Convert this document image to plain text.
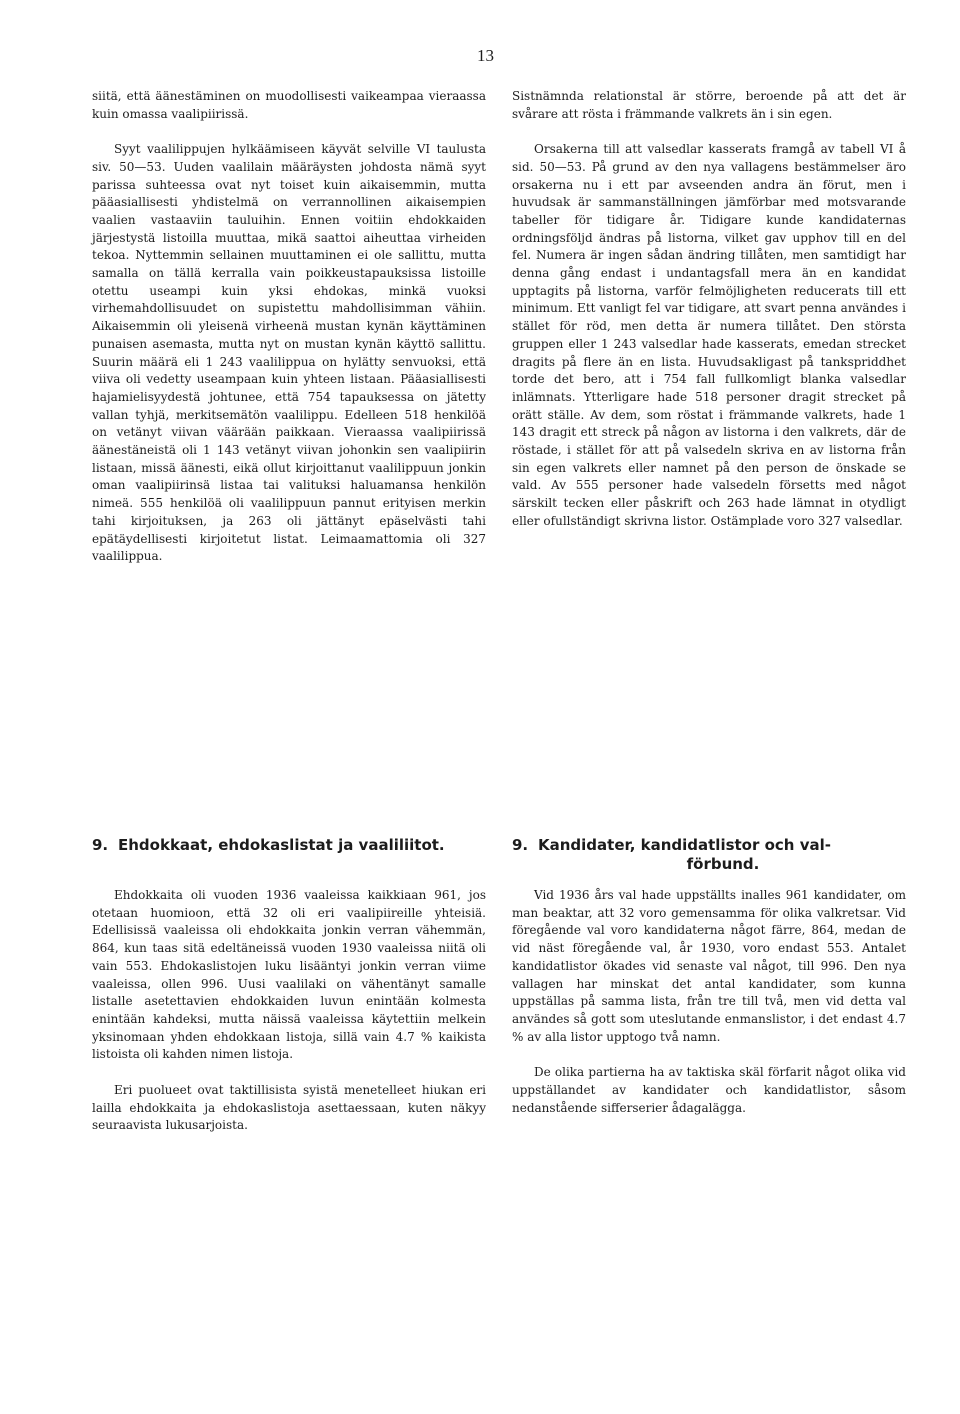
13

siitä, että äänestäminen on muodollisesti vaikeampaa vieraassa kuin omassa vaalipiirissä.

Syyt vaalilippujen hylkäämiseen käyvät selville VI taulusta siv. 50—53. Uuden vaalilain määräysten johdosta nämä syyt parissa suhteessa ovat nyt toiset kuin aikaisemmin, mutta pääasiallisesti yhdistelmä on verrannollinen aikaisempien vaalien vastaaviin tauluihin. Ennen voitiin ehdokkaiden järjestystä listoilla muuttaa, mikä saattoi aiheuttaa virheiden tekoa. Nyttemmin sellainen muuttaminen ei ole sallittu, mutta samalla on tällä kerralla vain poikkeustapauksissa listoille otettu useampi kuin yksi ehdokas, minkä vuoksi virhemahdollisuudet on supistettu mahdollisimman vähiin. Aikaisemmin oli yleisenä virheenä mustan kynän käyttäminen punaisen asemasta, mutta nyt on mustan kynän käyttö sallittu. Suurin määrä eli 1 243 vaalilippua on hylätty senvuoksi, että viiva oli vedetty useampaan kuin yhteen listaan. Pääasiallisesti hajamielisyydestä johtunee, että 754 tapauksessa on jätetty vallan tyhjä, merkitsemätön vaalilippu. Edelleen 518 henkilöä on vetänyt viivan väärään paikkaan. Vieraassa vaalipiirissä äänestäneistä oli 1 143 vetänyt viivan johonkin sen vaalipiirin listaan, missä äänesti, eikä ollut kirjoittanut vaalilippuun jonkin oman vaalipiirinsä listaa tai valituksi haluamansa henkilön nimeä. 555 henkilöä oli vaalilippuun pannut erityisen merkin tahi kirjoituksen, ja 263 oli jättänyt epäselvästi tahi epätäydellisesti kirjoitetut listat. Leimaamattomia oli 327 vaalilippua.

Sistnämnda relationstal är större, beroende på att det är svårare att rösta i främmande valkrets än i sin egen.

Orsakerna till att valsedlar kasserats framgå av tabell VI å sid. 50—53. På grund av den nya vallagens bestämmelser äro orsakerna nu i ett par avseenden andra än förut, men i huvudsak är sammanställningen jämförbar med motsvarande tabeller för tidigare år. Tidigare kunde kandidaternas ordningsföljd ändras på listorna, vilket gav upphov till en del fel. Numera är ingen sådan ändring tillåten, men samtidigt har denna gång endast i undantagsfall mera än en kandidat upptagits på listorna, varför felmöjligheten reducerats till ett minimum. Ett vanligt fel var tidigare, att svart penna användes i stället för röd, men detta är numera tillåtet. Den största gruppen eller 1 243 valsedlar hade kasserats, emedan strecket dragits på flere än en lista. Huvudsakligast på tankspriddhet torde det bero, att i 754 fall fullkomligt blanka valsedlar inlämnats. Ytterligare hade 518 personer dragit strecket på orätt ställe. Av dem, som röstat i främmande valkrets, hade 1 143 dragit ett streck på någon av listorna i den valkrets, där de röstade, i stället för att på valsedeln skriva en av listorna från sin egen valkrets eller namnet på den person de önskade se vald. Av 555 personer hade valsedeln försetts med något särskilt tecken eller påskrift och 263 hade lämnat in otydligt eller ofullständigt skrivna listor. Ostämplade voro 327 valsedlar.

9. Ehdokkaat, ehdokaslistat ja vaaliliitot.	9. Kandidater, kandidatlistor och val-
förbund.

Ehdokkaita oli vuoden 1936 vaaleissa kaikkiaan 961, jos otetaan huomioon, että 32 oli eri vaalipiireille yhteisiä. Edellisissä vaaleissa oli ehdokkaita jonkin verran vähemmän, 864, kun taas sitä edeltäneissä vuoden 1930 vaaleissa niitä oli vain 553. Ehdokaslistojen luku lisääntyi jonkin verran viime vaaleissa, ollen 996. Uusi vaalilaki on vähentänyt samalle listalle asetettavien ehdokkaiden luvun enintään kolmesta enintään kahdeksi, mutta näissä vaaleissa käytettiin melkein yksinomaan yhden ehdokkaan listoja, sillä vain 4.7 % kaikista listoista oli kahden nimen listoja.

Eri puolueet ovat taktillisista syistä menetelleet hiukan eri lailla ehdokkaita ja ehdokaslistoja asettaessaan, kuten näkyy seuraavista lukusarjoista.

Vid 1936 års val hade uppställts inalles 961 kandidater, om man beaktar, att 32 voro gemensamma för olika valkretsar. Vid föregående val voro kandidaterna något färre, 864, medan de vid näst föregående val, år 1930, voro endast 553. Antalet kandidatlistor ökades vid senaste val något, till 996. Den nya vallagen har minskat det antal kandidater, som kunna uppställas på samma lista, från tre till två, men vid detta val användes så gott som uteslutande enmanslistor, i det endast 4.7 % av alla listor upptogo två namn.

De olika partierna ha av taktiska skäl förfarit något olika vid uppställandet av kandidater och kandidatlistor, såsom nedanstående sifferserier ådagalägga.
